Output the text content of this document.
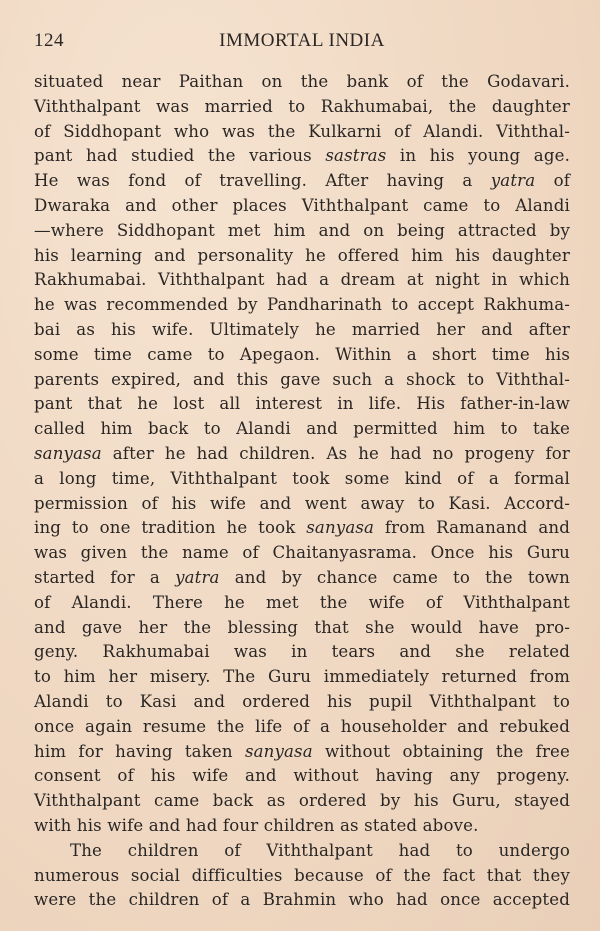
124	IMMORTAL INDIA
situated near Paithan on the bank of the Godavari.
Viththalpant was married to Rakhumabai, the daughter
of Siddhopant who was the Kulkarni of Alandi. Viththal-
pant had studied the various sastras in his young age.
He was fond of travelling. After having a yatra of
Dwaraka and other places Viththalpant came to Alandi
—where Siddhopant met him and on being attracted by
his learning and personality he offered him his daughter
Rakhumabai. Viththalpant had a dream at night in which
he was recommended by Pandharinath to accept Rakhuma-
bai as his wife. Ultimately he married her and after
some time came to Apegaon. Within a short time his
parents expired, and this gave such a shock to Viththal-
pant that he lost all interest in life. His father-in-law
called him back to Alandi and permitted him to take
sanyasa after he had children. As he had no progeny for
a long time, Viththalpant took some kind of a formal
permission of his wife and went away to Kasi. Accord-
ing to one tradition he took sanyasa from Ramanand and
was given the name of Chaitanyasrama. Once his Guru
started for a yatra and by chance came to the town
of Alandi. There he met the wife of Viththalpant
and gave her the blessing that she would have pro-
geny. Rakhumabai was in tears and she related
to him her misery. The Guru immediately returned from
Alandi to Kasi and ordered his pupil Viththalpant to
once again resume the life of a householder and rebuked
him for having taken sanyasa without obtaining the free
consent of his wife and without having any progeny.
Viththalpant came back as ordered by his Guru, stayed
with his wife and had four children as stated above.
The children of Viththalpant had to undergo
numerous social difficulties because of the fact that they
were the children of a Brahmin who had once accepted
